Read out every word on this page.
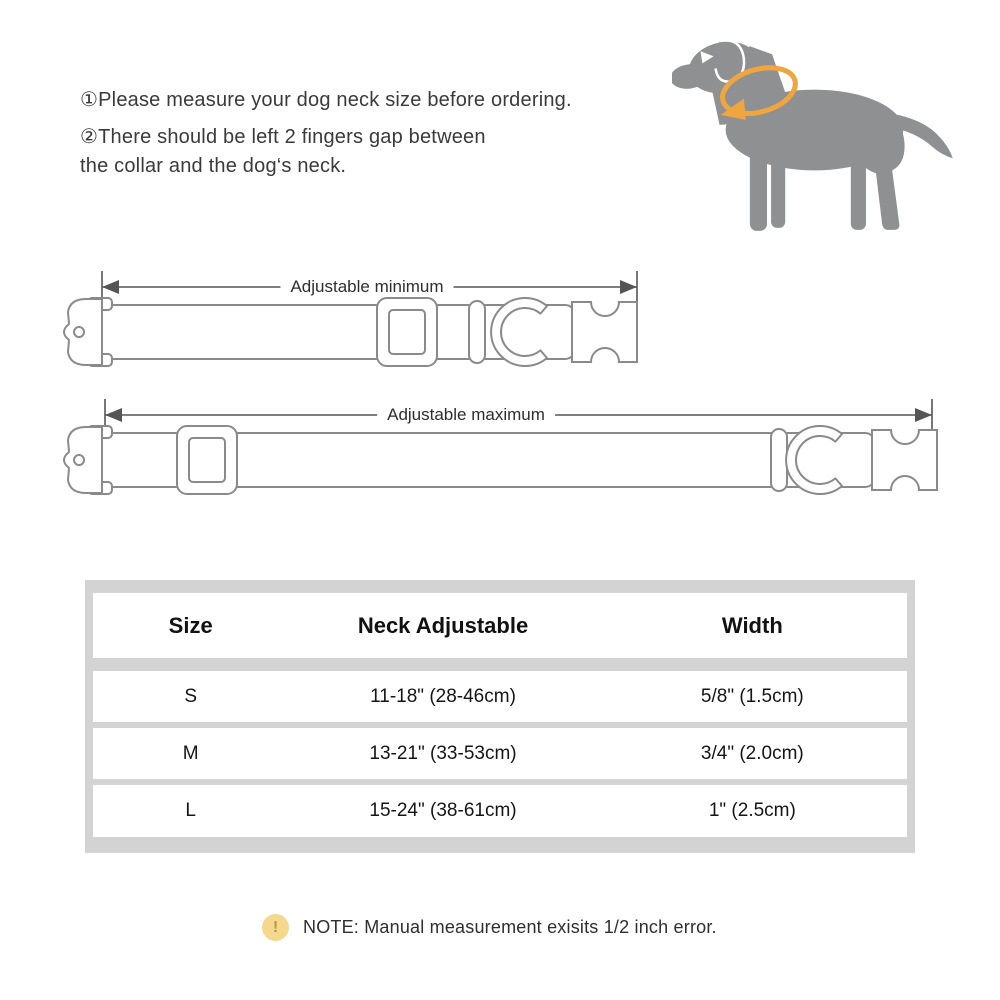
①Please measure your dog neck size before ordering.

②There should be left 2 fingers gap between

the collar and the dog‘s neck.

Adjustable minimum
Adjustable maximum
Size	Neck Adjustable	Width
S	11-18" (28-46cm)	5/8" (1.5cm)
M	13-21" (33-53cm)	3/4" (2.0cm)
L	15-24" (38-61cm)	1" (2.5cm)
!	NOTE: Manual measurement exisits 1/2 inch error.
